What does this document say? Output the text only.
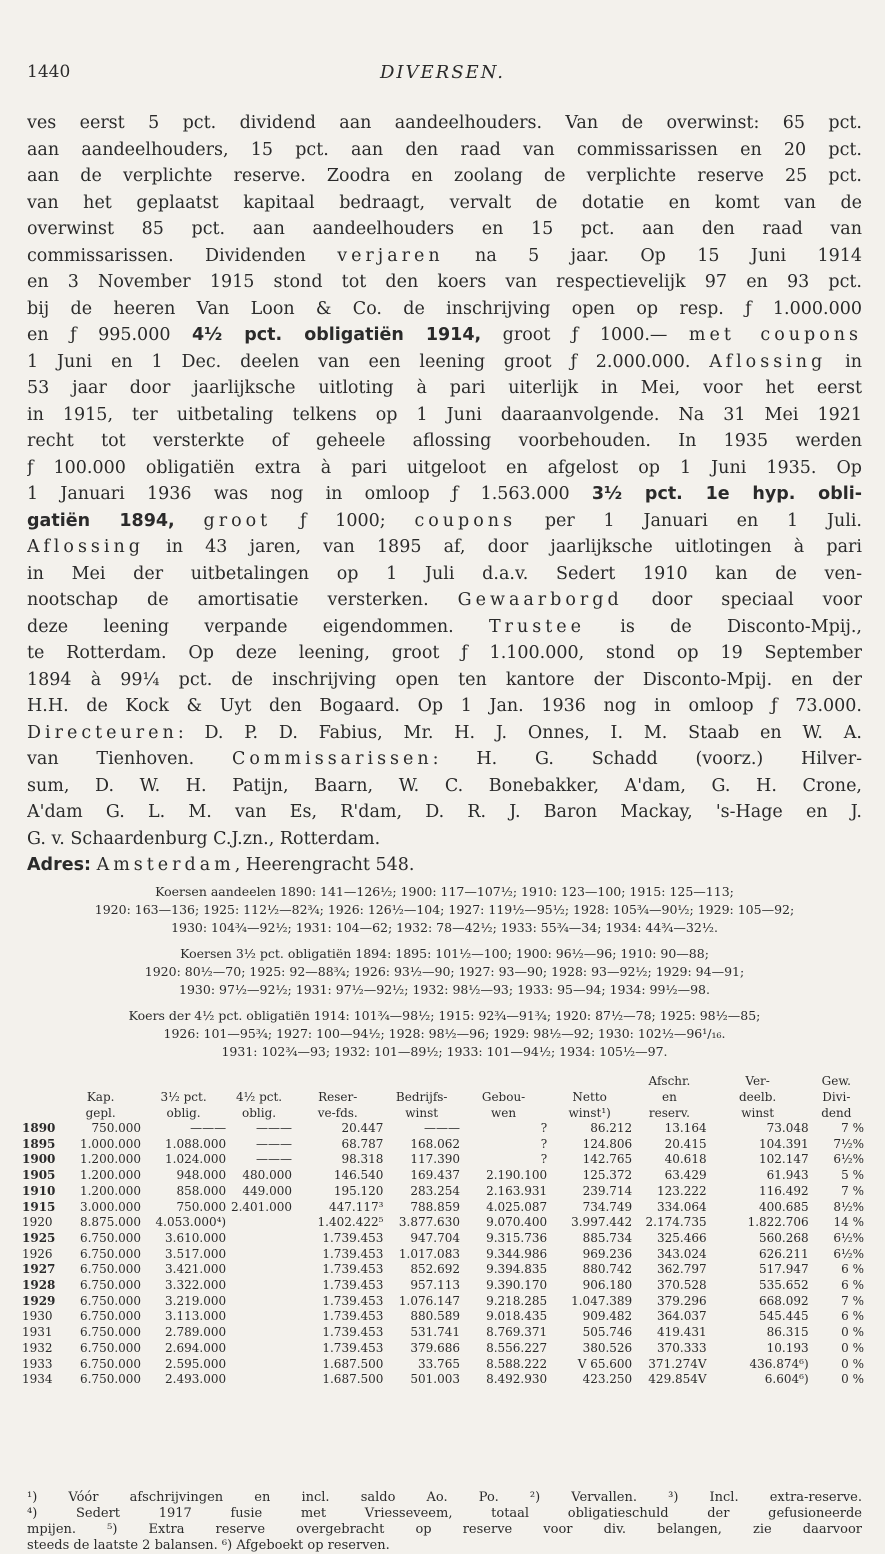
1440	DIVERSEN.
ves eerst 5 pct. dividend aan aandeelhouders. Van de overwinst: 65 pct.
aan aandeelhouders, 15 pct. aan den raad van commissarissen en 20 pct.
aan de verplichte reserve. Zoodra en zoolang de verplichte reserve 25 pct.
van het geplaatst kapitaal bedraagt, vervalt de dotatie en komt van de
overwinst 85 pct. aan aandeelhouders en 15 pct. aan den raad van
commissarissen. Dividenden verjaren na 5 jaar. Op 15 Juni 1914
en 3 November 1915 stond tot den koers van respectievelijk 97 en 93 pct.
bij de heeren Van Loon & Co. de inschrijving open op resp. ƒ 1.000.000
en ƒ 995.000 4½ pct. obligatiën 1914, groot ƒ 1000.— met coupons
1 Juni en 1 Dec. deelen van een leening groot ƒ 2.000.000. Aflossing in
53 jaar door jaarlijksche uitloting à pari uiterlijk in Mei, voor het eerst
in 1915, ter uitbetaling telkens op 1 Juni daaraanvolgende. Na 31 Mei 1921
recht tot versterkte of geheele aflossing voorbehouden. In 1935 werden
ƒ 100.000 obligatiën extra à pari uitgeloot en afgelost op 1 Juni 1935. Op
1 Januari 1936 was nog in omloop ƒ 1.563.000 3½ pct. 1e hyp. obli-
gatiën 1894, groot ƒ 1000; coupons per 1 Januari en 1 Juli.
Aflossing in 43 jaren, van 1895 af, door jaarlijksche uitlotingen à pari
in Mei der uitbetalingen op 1 Juli d.a.v. Sedert 1910 kan de ven-
nootschap de amortisatie versterken. Gewaarborgd door speciaal voor
deze leening verpande eigendommen. Trustee is de Disconto-Mpij.,
te Rotterdam. Op deze leening, groot ƒ 1.100.000, stond op 19 September
1894 à 99¼ pct. de inschrijving open ten kantore der Disconto-Mpij. en der
H.H. de Kock & Uyt den Bogaard. Op 1 Jan. 1936 nog in omloop ƒ 73.000.
Directeuren: D. P. D. Fabius, Mr. H. J. Onnes, I. M. Staab en W. A.
van Tienhoven. Commissarissen: H. G. Schadd (voorz.) Hilver-
sum, D. W. H. Patijn, Baarn, W. C. Bonebakker, A'dam, G. H. Crone,
A'dam G. L. M. van Es, R'dam, D. R. J. Baron Mackay, 's-Hage en J.
G. v. Schaardenburg C.J.zn., Rotterdam.
Adres: Amsterdam, Heerengracht 548.
Koersen aandeelen 1890: 141—126½; 1900: 117—107½; 1910: 123—100; 1915: 125—113;
1920: 163—136; 1925: 112½—82¾; 1926: 126½—104; 1927: 119½—95½; 1928: 105¾—90½; 1929: 105—92;
1930: 104¾—92½; 1931: 104—62; 1932: 78—42½; 1933: 55¾—34; 1934: 44¾—32½.
Koersen 3½ pct. obligatiën 1894: 1895: 101½—100; 1900: 96½—96; 1910: 90—88;
1920: 80½—70; 1925: 92—88¾; 1926: 93½—90; 1927: 93—90; 1928: 93—92½; 1929: 94—91;
1930: 97½—92½; 1931: 97½—92½; 1932: 98½—93; 1933: 95—94; 1934: 99½—98.
Koers der 4½ pct. obligatiën 1914: 101¾—98½; 1915: 92¾—91¾; 1920: 87½—78; 1925: 98½—85;
1926: 101—95¾; 1927: 100—94½; 1928: 98½—96; 1929: 98½—92; 1930: 102½—96¹/₁₆.
1931: 102¾—93; 1932: 101—89½; 1933: 101—94½; 1934: 105½—97.
								Afschr.	Ver-	Gew.
	Kap.	3½ pct.	4½ pct.	Reser-	Bedrijfs-	Gebou-	Netto	en	deelb.	Divi-
	gepl.	oblig.	oblig.	ve-fds.	winst	wen	winst¹)	reserv.	winst	dend
1890	750.000	———	———	20.447	———	?	86.212	13.164	73.048	7 %
1895	1.000.000	1.088.000	———	68.787	168.062	?	124.806	20.415	104.391	7½%
1900	1.200.000	1.024.000	———	98.318	117.390	?	142.765	40.618	102.147	6½%
1905	1.200.000	948.000	480.000	146.540	169.437	2.190.100	125.372	63.429	61.943	5 %
1910	1.200.000	858.000	449.000	195.120	283.254	2.163.931	239.714	123.222	116.492	7 %
1915	3.000.000	750.000	2.401.000	447.117³	788.859	4.025.087	734.749	334.064	400.685	8½%
1920	8.875.000	4.053.000⁴)		1.402.422⁵	3.877.630	9.070.400	3.997.442	2.174.735	1.822.706	14 %
1925	6.750.000	3.610.000		1.739.453	947.704	9.315.736	885.734	325.466	560.268	6½%
1926	6.750.000	3.517.000		1.739.453	1.017.083	9.344.986	969.236	343.024	626.211	6½%
1927	6.750.000	3.421.000		1.739.453	852.692	9.394.835	880.742	362.797	517.947	6 %
1928	6.750.000	3.322.000		1.739.453	957.113	9.390.170	906.180	370.528	535.652	6 %
1929	6.750.000	3.219.000		1.739.453	1.076.147	9.218.285	1.047.389	379.296	668.092	7 %
1930	6.750.000	3.113.000		1.739.453	880.589	9.018.435	909.482	364.037	545.445	6 %
1931	6.750.000	2.789.000		1.739.453	531.741	8.769.371	505.746	419.431	86.315	0 %
1932	6.750.000	2.694.000		1.739.453	379.686	8.556.227	380.526	370.333	10.193	0 %
1933	6.750.000	2.595.000		1.687.500	33.765	8.588.222	V 65.600	371.274V	436.874⁶)	0 %
1934	6.750.000	2.493.000		1.687.500	501.003	8.492.930	423.250	429.854V	6.604⁶)	0 %
¹) Vóór afschrijvingen en incl. saldo Ao. Po. ²) Vervallen. ³) Incl. extra-reserve.
⁴) Sedert 1917 fusie met Vriesseveem, totaal obligatieschuld der gefusioneerde
mpijen. ⁵) Extra reserve overgebracht op reserve voor div. belangen, zie daarvoor
steeds de laatste 2 balansen. ⁶) Afgeboekt op reserven.
